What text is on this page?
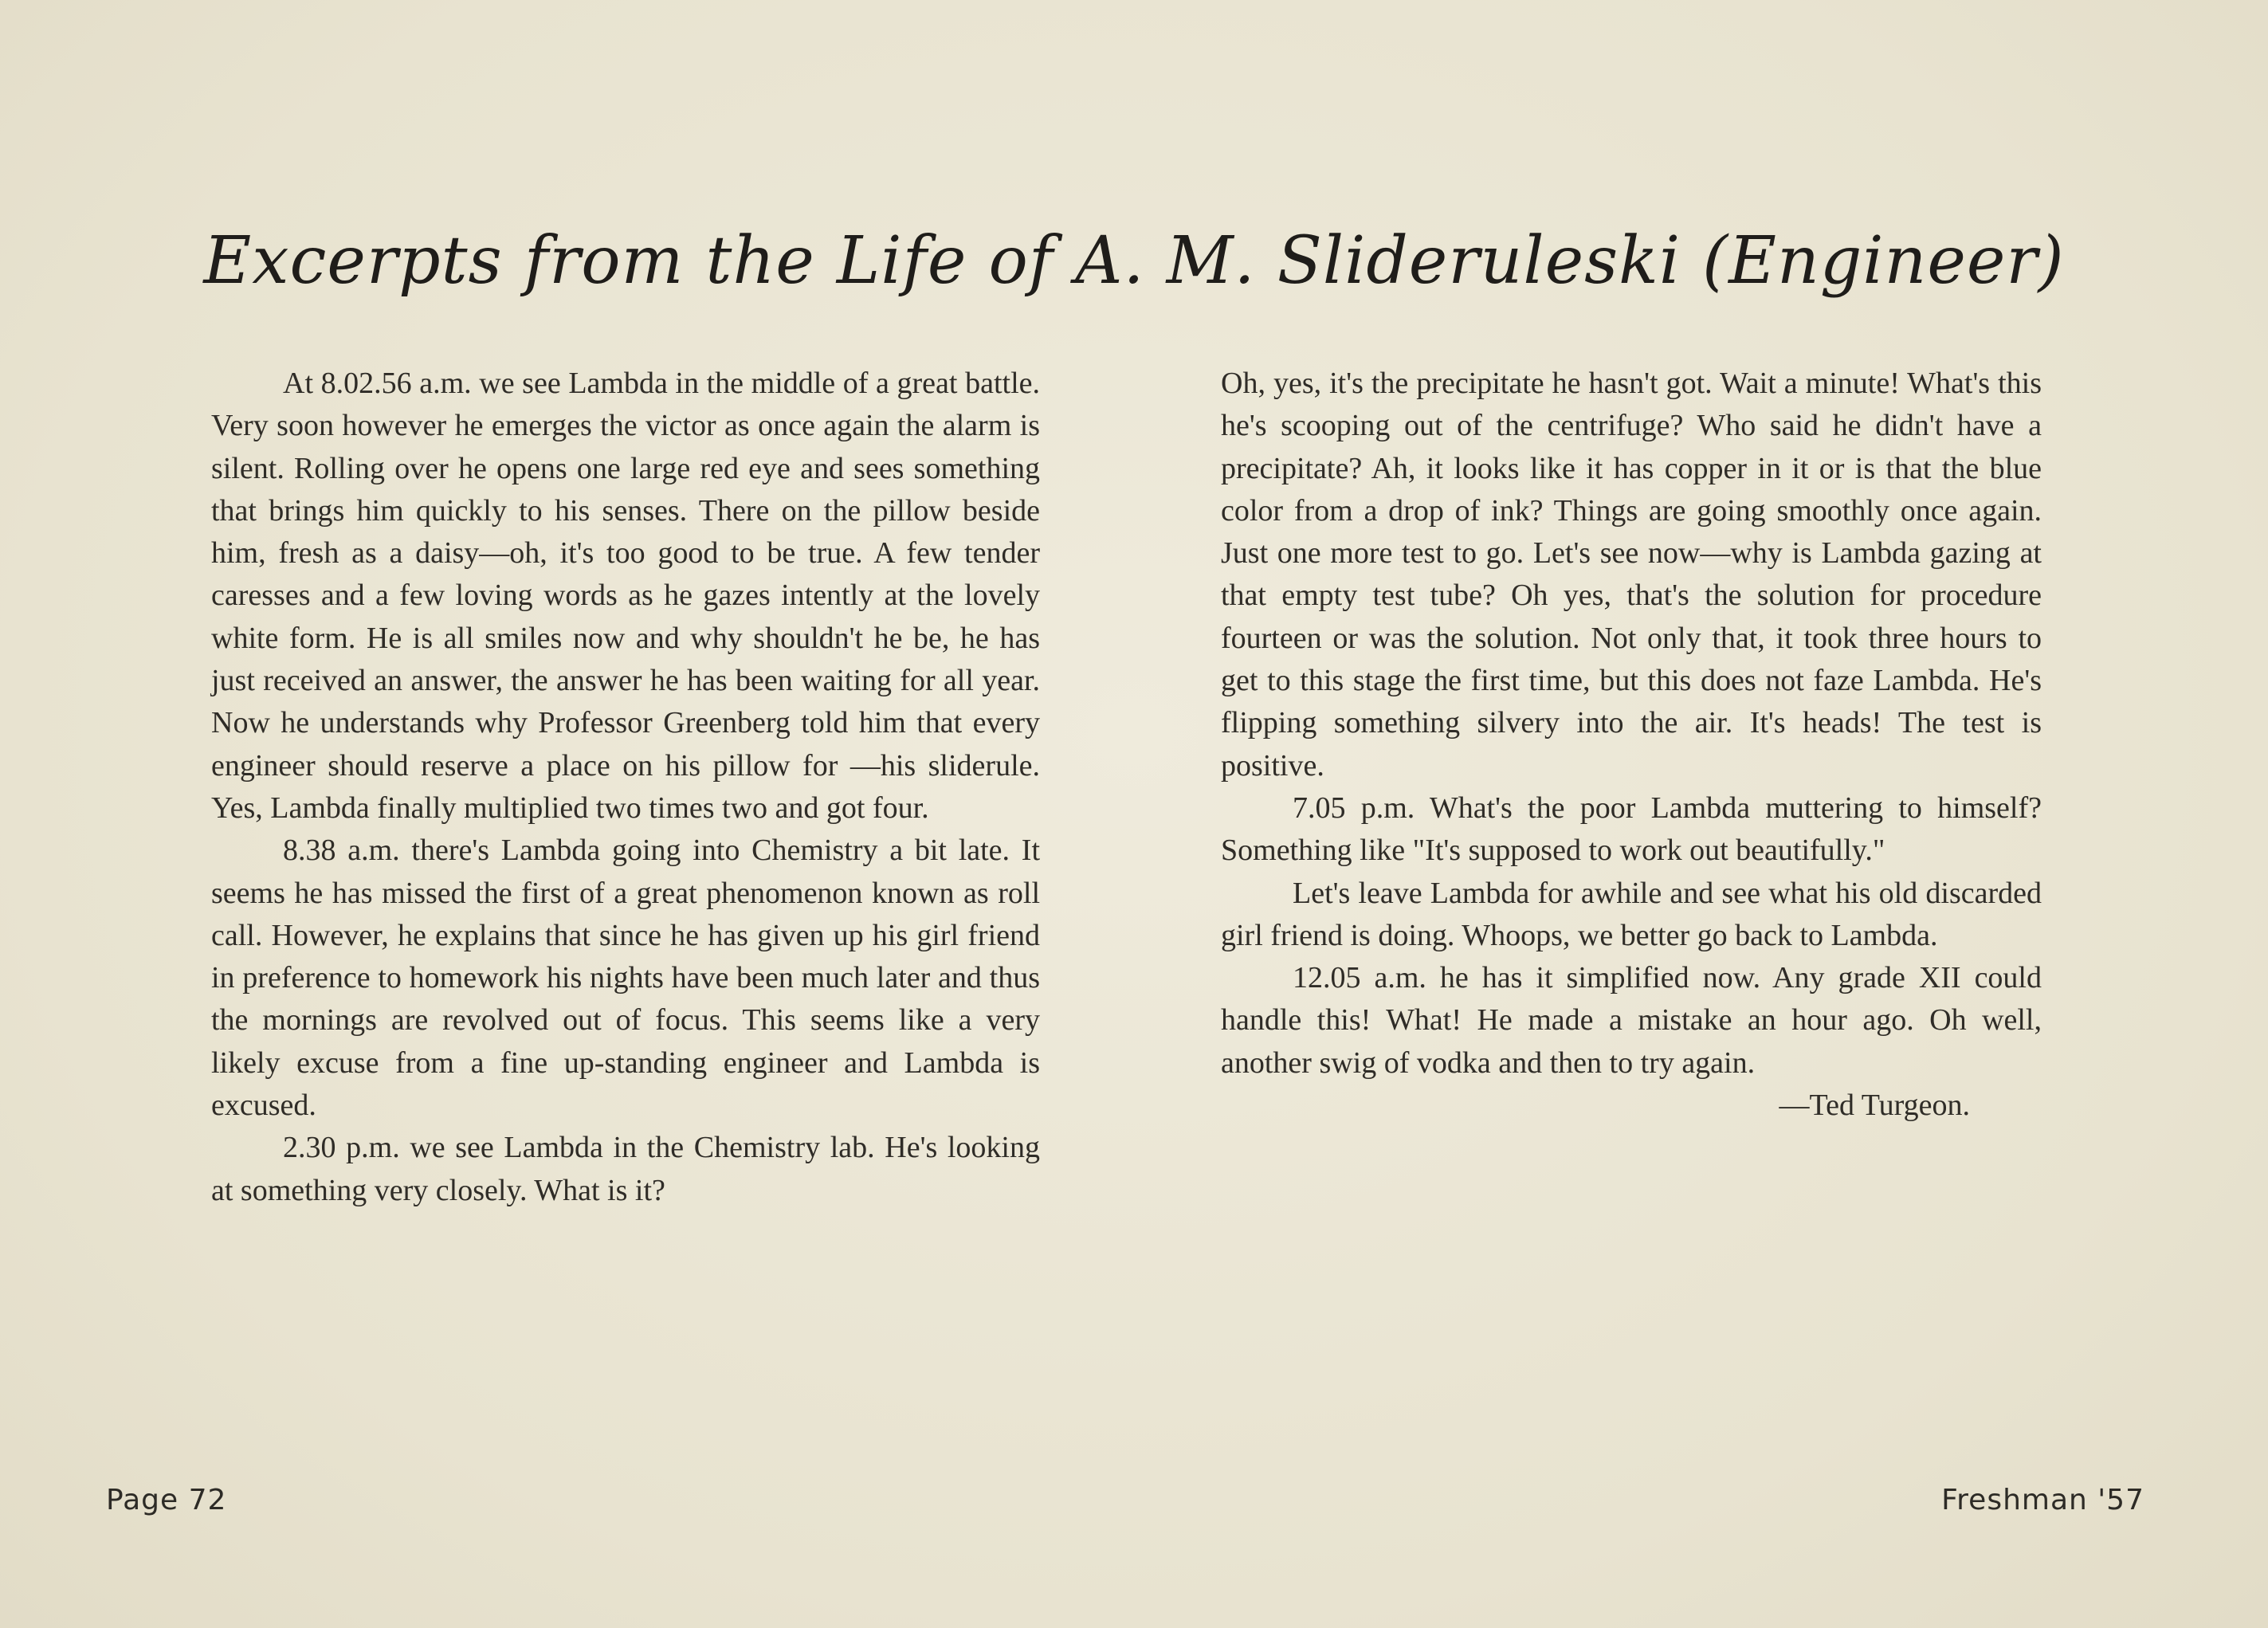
Excerpts from the Life of A. M. Slideruleski (Engineer)

At 8.02.56 a.m. we see Lambda in the middle of a great battle. Very soon however he emerges the victor as once again the alarm is silent. Rolling over he opens one large red eye and sees something that brings him quickly to his senses. There on the pillow beside him, fresh as a daisy—oh, it's too good to be true. A few tender caresses and a few loving words as he gazes intently at the lovely white form. He is all smiles now and why shouldn't he be, he has just received an answer, the answer he has been waiting for all year. Now he understands why Professor Greenberg told him that every engineer should reserve a place on his pillow for —his sliderule. Yes, Lambda finally multiplied two times two and got four.

8.38 a.m. there's Lambda going into Chemistry a bit late. It seems he has missed the first of a great phenomenon known as roll call. However, he explains that since he has given up his girl friend in preference to homework his nights have been much later and thus the mornings are revolved out of focus. This seems like a very likely excuse from a fine up-standing engineer and Lambda is excused.

2.30 p.m. we see Lambda in the Chemistry lab. He's looking at something very closely. What is it?

Oh, yes, it's the precipitate he hasn't got. Wait a minute! What's this he's scooping out of the centrifuge? Who said he didn't have a precipitate? Ah, it looks like it has copper in it or is that the blue color from a drop of ink? Things are going smoothly once again. Just one more test to go. Let's see now—why is Lambda gazing at that empty test tube? Oh yes, that's the solution for procedure fourteen or was the solution. Not only that, it took three hours to get to this stage the first time, but this does not faze Lambda. He's flipping something silvery into the air. It's heads! The test is positive.

7.05 p.m. What's the poor Lambda muttering to himself? Something like "It's supposed to work out beautifully."

Let's leave Lambda for awhile and see what his old discarded girl friend is doing. Whoops, we better go back to Lambda.

12.05 a.m. he has it simplified now. Any grade XII could handle this! What! He made a mistake an hour ago. Oh well, another swig of vodka and then to try again.

—Ted Turgeon.

Page 72	Freshman '57
